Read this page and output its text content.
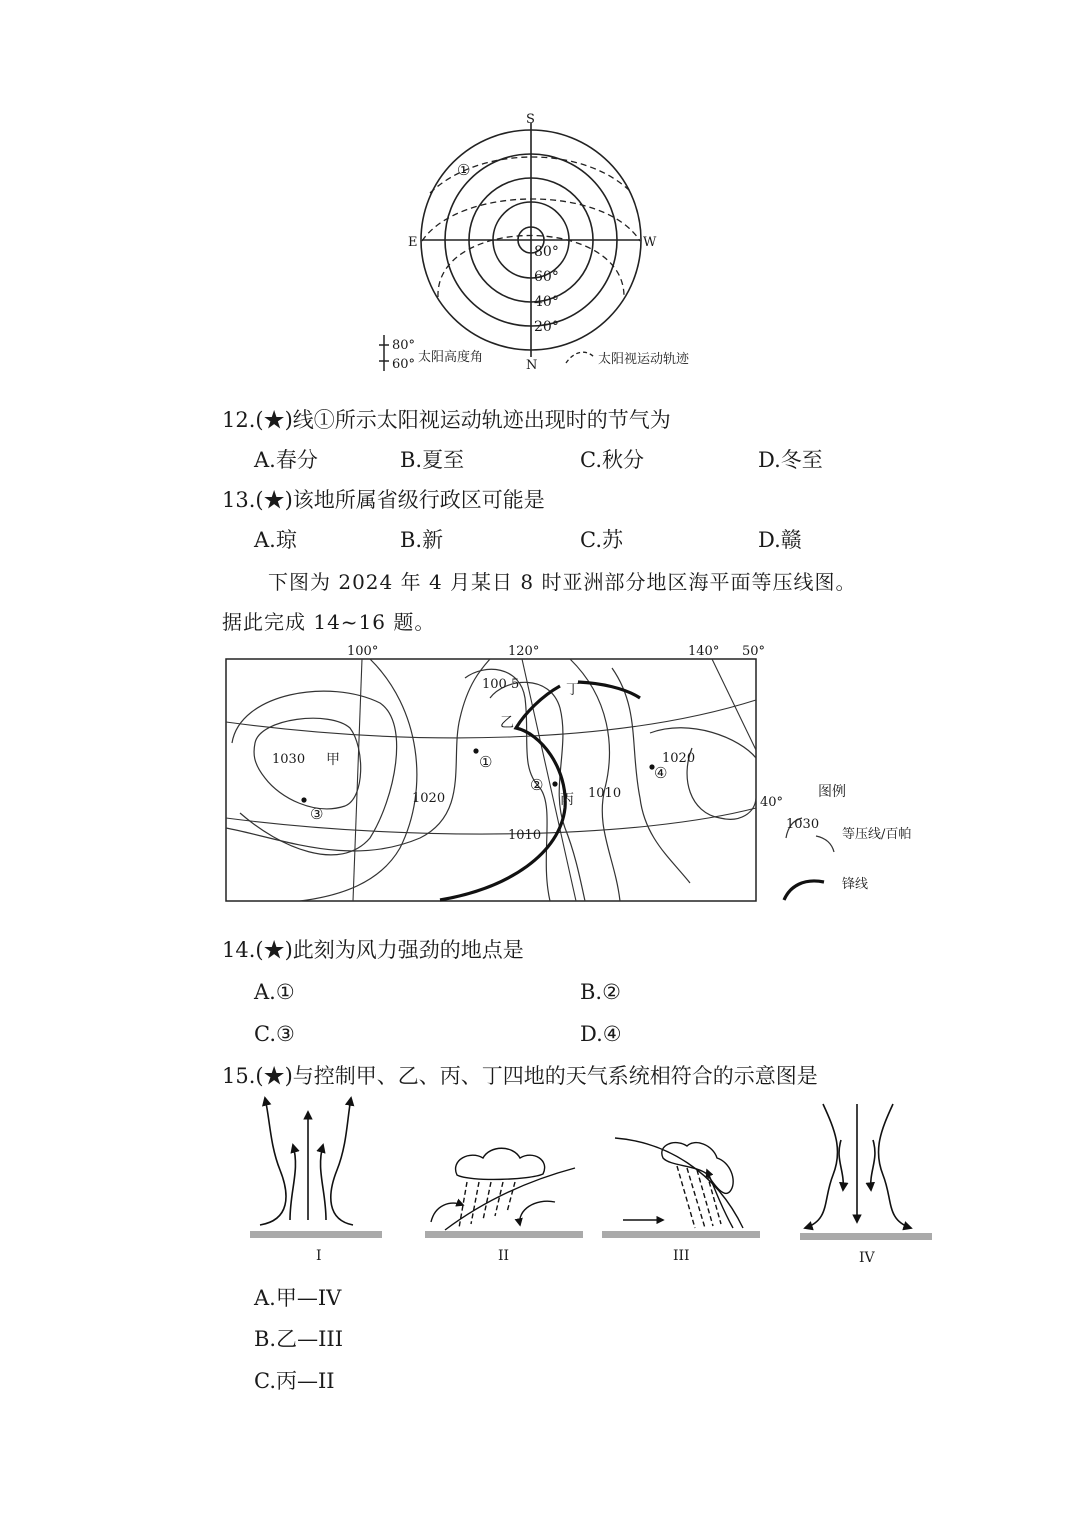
S
N
E	W
①
80°
60°
40°
20°
80°
60° 太阳高度角	太阳视运动轨迹
12.(★)线①所示太阳视运动轨迹出现时的节气为
A.春分	B.夏至	C.秋分	D.冬至
13.(★)该地所属省级行政区可能是
A.琼	B.新	C.苏	D.赣
下图为 2024 年 4 月某日 8 时亚洲部分地区海平面等压线图。
据此完成 14~16 题。
100°	120°	140° 50°
40°
100 5
1030
1020
1020
1010
1010
甲
乙
丙
丁
①
②
③
④
图例
1030
等压线/百帕
锋线
14.(★)此刻为风力强劲的地点是
A.①	B.②
C.③	D.④
15.(★)与控制甲、乙、丙、丁四地的天气系统相符合的示意图是
I	II	III	IV
A.甲—IV
B.乙—III
C.丙—II
